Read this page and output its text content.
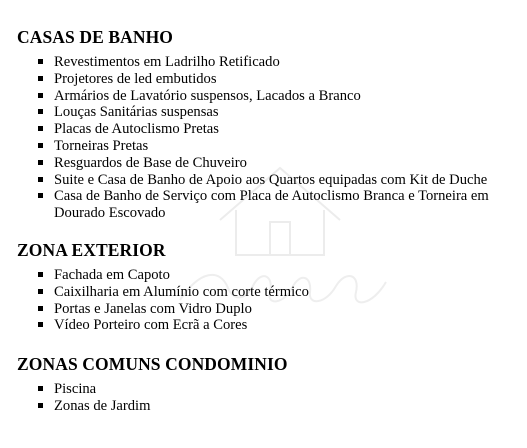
CASAS DE BANHO
Revestimentos em Ladrilho Retificado
Projetores de led embutidos
Armários de Lavatório suspensos, Lacados a Branco
Louças Sanitárias suspensas
Placas de Autoclismo Pretas
Torneiras Pretas
Resguardos de Base de Chuveiro
Suite e Casa de Banho de Apoio aos Quartos equipadas com Kit de Duche
Casa de Banho de Serviço com Placa de Autoclismo Branca e Torneira em Dourado Escovado
ZONA EXTERIOR
Fachada em Capoto
Caixilharia em Alumínio com corte térmico
Portas e Janelas com Vidro Duplo
Vídeo Porteiro com Ecrã a Cores
ZONAS COMUNS CONDOMINIO
Piscina
Zonas de Jardim
